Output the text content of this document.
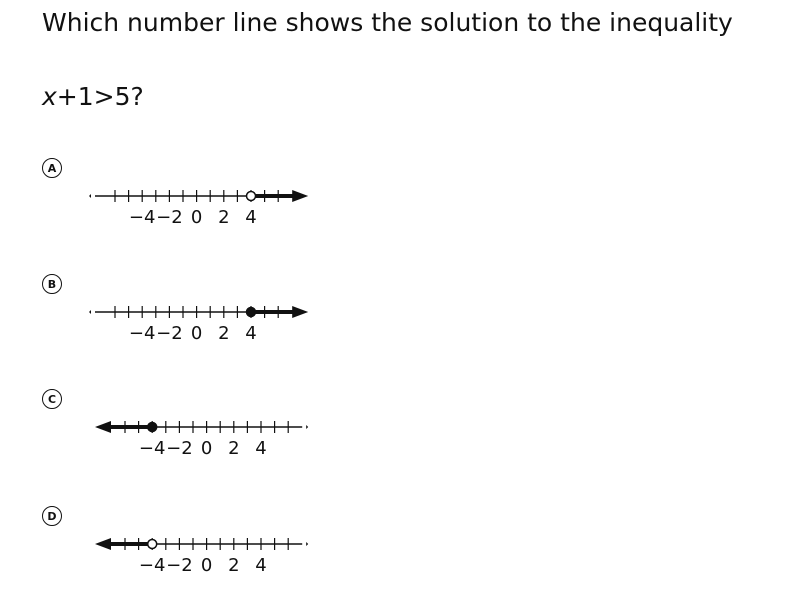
Which number line shows the solution to the inequality
x+1>5?
A
−4 −2 0 2 4
B
−4 −2 0 2 4
C
−4 −2 0 2 4
D
−4 −2 0 2 4
